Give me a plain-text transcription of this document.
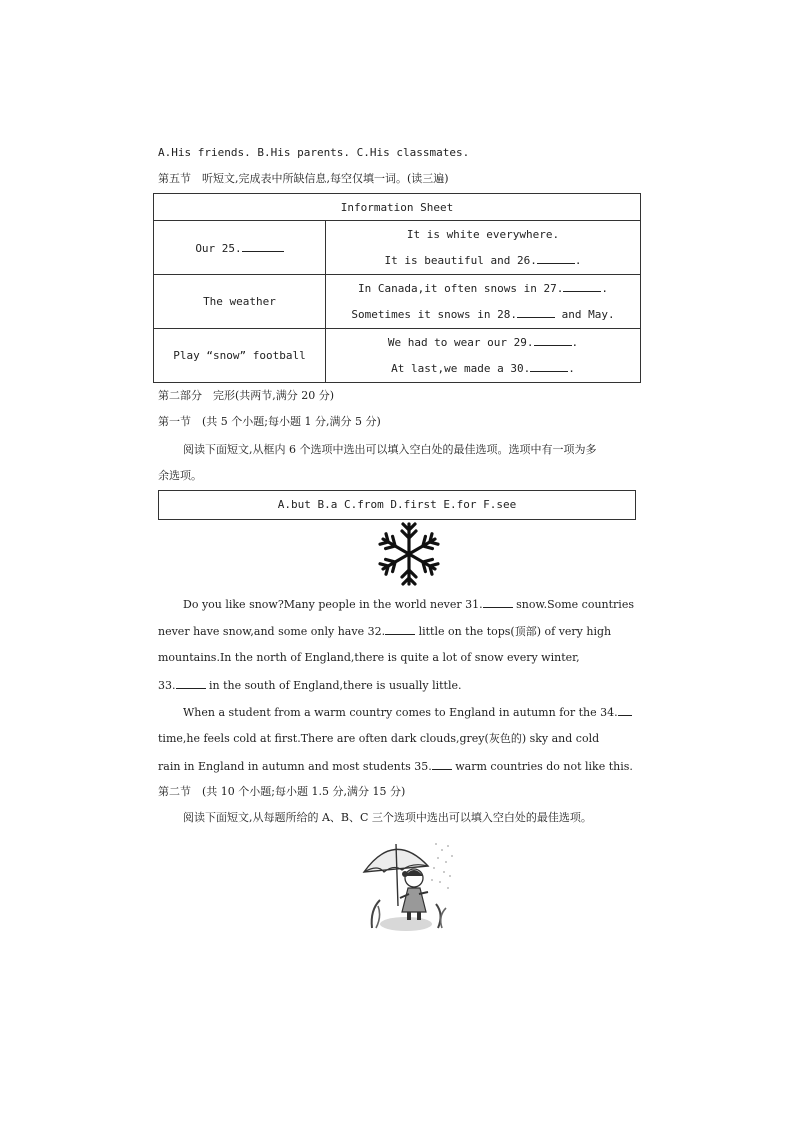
A.His friends. B.His parents. C.His classmates.
第五节　听短文,完成表中所缺信息,每空仅填一词。(读三遍)
Information Sheet	
Our 25.	It is white everywhere.
It is beautiful and 26. .

The weather	In Canada,it often snows in 27. .
Sometimes it snows in 28. and May.

Play “snow” football	We had to wear our 29. .
At last,we made a 30. .
第二部分　完形(共两节,满分 20 分)
第一节　(共 5 个小题;每小题 1 分,满分 5 分)
阅读下面短文,从框内 6 个选项中选出可以填入空白处的最佳选项。选项中有一项为多
余选项。
A.but B.a C.from D.first E.for F.see
Do you like snow?Many people in the world never 31.	snow.Some countries
never have snow,and some only have 32.	little on the tops(顶部) of very high
mountains.In the north of England,there is quite a lot of snow every winter,
33.	in the south of England,there is usually little.
When a student from a warm country comes to England in autumn for the 34.
time,he feels cold at first.There are often dark clouds,grey(灰色的) sky and cold
rain in England in autumn and most students 35. warm countries do not like this.
第二节　(共 10 个小题;每小题 1.5 分,满分 15 分)
阅读下面短文,从每题所给的 A、B、C 三个选项中选出可以填入空白处的最佳选项。
